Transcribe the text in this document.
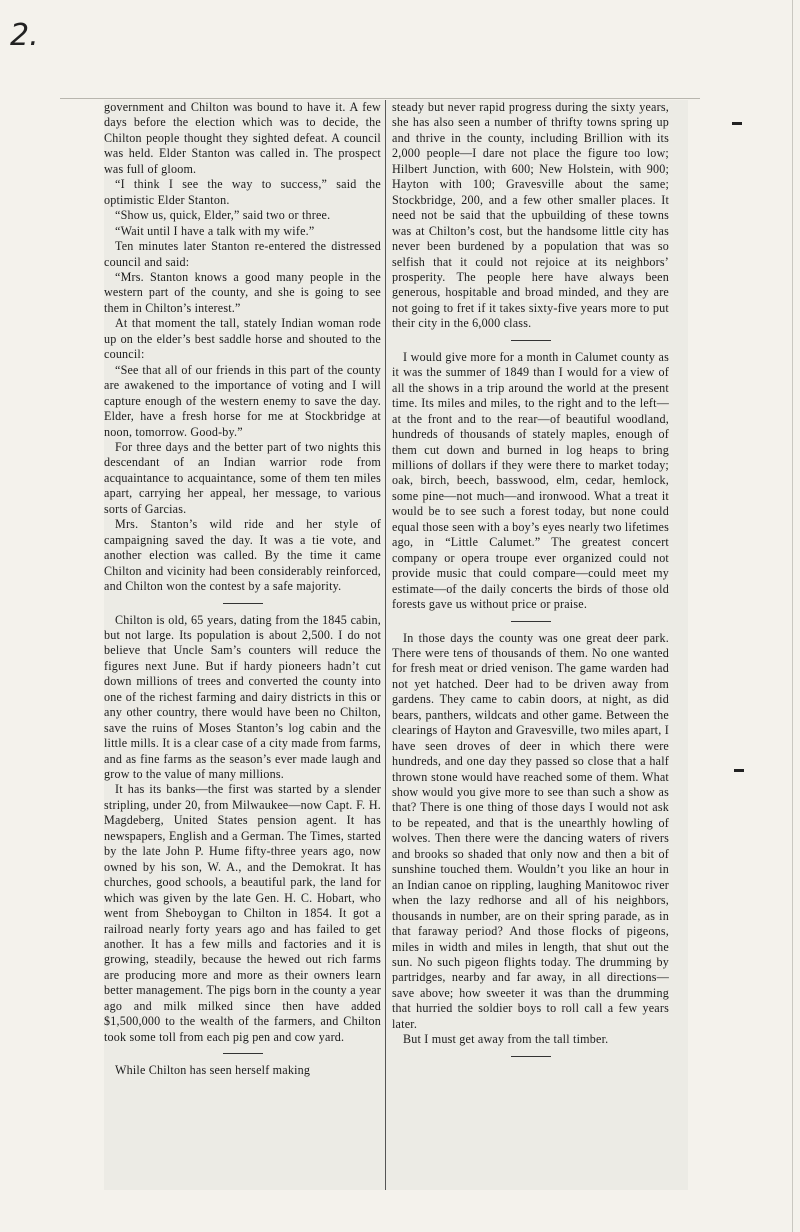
2.

government and Chilton was bound to have it. A few days before the election which was to decide, the Chilton people thought they sighted defeat. A council was held. Elder Stanton was called in. The prospect was full of gloom.

“I think I see the way to success,” said the optimistic Elder Stanton.

“Show us, quick, Elder,” said two or three.

“Wait until I have a talk with my wife.”

Ten minutes later Stanton re-entered the distressed council and said:

“Mrs. Stanton knows a good many people in the western part of the county, and she is going to see them in Chilton’s interest.”

At that moment the tall, stately Indian woman rode up on the elder’s best saddle horse and shouted to the council:

“See that all of our friends in this part of the county are awakened to the importance of voting and I will capture enough of the western enemy to save the day. Elder, have a fresh horse for me at Stockbridge at noon, tomorrow. Good-by.”

For three days and the better part of two nights this descendant of an Indian warrior rode from acquaintance to acquaintance, some of them ten miles apart, carrying her appeal, her message, to various sorts of Garcias.

Mrs. Stanton’s wild ride and her style of campaigning saved the day. It was a tie vote, and another election was called. By the time it came Chilton and vicinity had been considerably reinforced, and Chilton won the contest by a safe majority.

Chilton is old, 65 years, dating from the 1845 cabin, but not large. Its population is about 2,500. I do not believe that Uncle Sam’s counters will reduce the figures next June. But if hardy pioneers hadn’t cut down millions of trees and converted the county into one of the richest farming and dairy districts in this or any other country, there would have been no Chilton, save the ruins of Moses Stanton’s log cabin and the little mills. It is a clear case of a city made from farms, and as fine farms as the season’s ever made laugh and grow to the value of many millions.

It has its banks—the first was started by a slender stripling, under 20, from Milwaukee—now Capt. F. H. Magdeberg, United States pension agent. It has newspapers, English and a German. The Times, started by the late John P. Hume fifty-three years ago, now owned by his son, W. A., and the Demokrat. It has churches, good schools, a beautiful park, the land for which was given by the late Gen. H. C. Hobart, who went from Sheboygan to Chilton in 1854. It got a railroad nearly forty years ago and has failed to get another. It has a few mills and factories and it is growing, steadily, because the hewed out rich farms are producing more and more as their owners learn better management. The pigs born in the county a year ago and milk milked since then have added $1,500,000 to the wealth of the farmers, and Chilton took some toll from each pig pen and cow yard.

While Chilton has seen herself making

steady but never rapid progress during the sixty years, she has also seen a number of thrifty towns spring up and thrive in the county, including Brillion with its 2,000 people—I dare not place the figure too low; Hilbert Junction, with 600; New Holstein, with 900; Hayton with 100; Gravesville about the same; Stockbridge, 200, and a few other smaller places. It need not be said that the upbuilding of these towns was at Chilton’s cost, but the handsome little city has never been burdened by a population that was so selfish that it could not rejoice at its neighbors’ prosperity. The people here have always been generous, hospitable and broad minded, and they are not going to fret if it takes sixty-five years more to put their city in the 6,000 class.

I would give more for a month in Calumet county as it was the summer of 1849 than I would for a view of all the shows in a trip around the world at the present time. Its miles and miles, to the right and to the left—at the front and to the rear—of beautiful woodland, hundreds of thousands of stately maples, enough of them cut down and burned in log heaps to bring millions of dollars if they were there to market today; oak, birch, beech, basswood, elm, cedar, hemlock, some pine—not much—and ironwood. What a treat it would be to see such a forest today, but none could equal those seen with a boy’s eyes nearly two lifetimes ago, in “Little Calumet.” The greatest concert company or opera troupe ever organized could not provide music that could compare—could meet my estimate—of the daily concerts the birds of those old forests gave us without price or praise.

In those days the county was one great deer park. There were tens of thousands of them. No one wanted for fresh meat or dried venison. The game warden had not yet hatched. Deer had to be driven away from gardens. They came to cabin doors, at night, as did bears, panthers, wildcats and other game. Between the clearings of Hayton and Gravesville, two miles apart, I have seen droves of deer in which there were hundreds, and one day they passed so close that a half thrown stone would have reached some of them. What show would you give more to see than such a show as that? There is one thing of those days I would not ask to be repeated, and that is the unearthly howling of wolves. Then there were the dancing waters of rivers and brooks so shaded that only now and then a bit of sunshine touched them. Wouldn’t you like an hour in an Indian canoe on rippling, laughing Manitowoc river when the lazy redhorse and all of his neighbors, thousands in number, are on their spring parade, as in that faraway period? And those flocks of pigeons, miles in width and miles in length, that shut out the sun. No such pigeon flights today. The drumming by partridges, nearby and far away, in all directions—save above; how sweeter it was than the drumming that hurried the soldier boys to roll call a few years later.

But I must get away from the tall timber.
